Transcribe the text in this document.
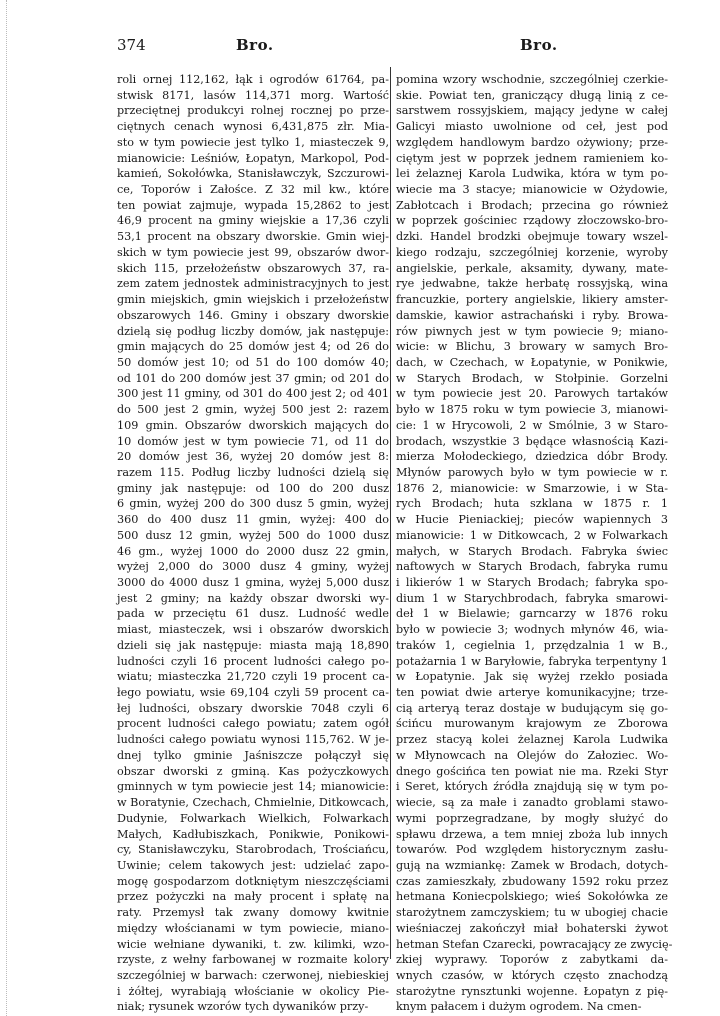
374	Bro.	Bro.
roli ornej 112,162, łąk i ogrodów 61764, pa-
stwisk 8171, lasów 114,371 morg. Wartość
przeciętnej produkcyi rolnej rocznej po prze-
ciętnych cenach wynosi 6,431,875 złr. Mia-
sto w tym powiecie jest tylko 1, miasteczek 9,
mianowicie: Leśniów, Łopatyn, Markopol, Pod-
kamień, Sokołówka, Stanisławczyk, Szczurowi-
ce, Toporów i Załośce. Z 32 mil kw., które
ten powiat zajmuje, wypada 15,2862 to jest
46,9 procent na gminy wiejskie a 17,36 czyli
53,1 procent na obszary dworskie. Gmin wiej-
skich w tym powiecie jest 99, obszarów dwor-
skich 115, przełożeństw obszarowych 37, ra-
zem zatem jednostek administracyjnych to jest
gmin miejskich, gmin wiejskich i przełożeństw
obszarowych 146. Gminy i obszary dworskie
dzielą się podług liczby domów, jak następuje:
gmin mających do 25 domów jest 4; od 26 do
50 domów jest 10; od 51 do 100 domów 40;
od 101 do 200 domów jest 37 gmin; od 201 do
300 jest 11 gminy, od 301 do 400 jest 2; od 401
do 500 jest 2 gmin, wyżej 500 jest 2: razem
109 gmin. Obszarów dworskich mających do
10 domów jest w tym powiecie 71, od 11 do
20 domów jest 36, wyżej 20 domów jest 8:
razem 115. Podług liczby ludności dzielą się
gminy jak następuje: od 100 do 200 dusz
6 gmin, wyżej 200 do 300 dusz 5 gmin, wyżej
360 do 400 dusz 11 gmin, wyżej: 400 do
500 dusz 12 gmin, wyżej 500 do 1000 dusz
46 gm., wyżej 1000 do 2000 dusz 22 gmin,
wyżej 2,000 do 3000 dusz 4 gminy, wyżej
3000 do 4000 dusz 1 gmina, wyżej 5,000 dusz
jest 2 gminy; na każdy obszar dworski wy-
pada w przeciętu 61 dusz. Ludność wedle
miast, miasteczek, wsi i obszarów dworskich
dzieli się jak następuje: miasta mają 18,890
ludności czyli 16 procent ludności całego po-
wiatu; miasteczka 21,720 czyli 19 procent ca-
łego powiatu, wsie 69,104 czyli 59 procent ca-
łej ludności, obszary dworskie 7048 czyli 6
procent ludności całego powiatu; zatem ogół
ludności całego powiatu wynosi 115,762. W je-
dnej tylko gminie Jaśniszcze połączył się
obszar dworski z gminą. Kas pożyczkowych
gminnych w tym powiecie jest 14; mianowicie:
w Boratynie, Czechach, Chmielnie, Ditkowcach,
Dudynie, Folwarkach Wielkich, Folwarkach
Małych, Kadłubiszkach, Ponikwie, Ponikowi-
cy, Stanisławczyku, Starobrodach, Trościańcu,
Uwinie; celem takowych jest: udzielać zapo-
mogę gospodarzom dotkniętym nieszczęściami
przez pożyczki na mały procent i spłatę na
raty. Przemysł tak zwany domowy kwitnie
między włościanami w tym powiecie, miano-
wicie wełniane dywaniki, t. zw. kilimki, wzo-
rzyste, z wełny farbowanej w rozmaite kolory
szczególniej w barwach: czerwonej, niebieskiej
i żółtej, wyrabiają włościanie w okolicy Pie-
niak; rysunek wzorów tych dywaników przy-
pomina wzory wschodnie, szczególniej czerkie-
skie. Powiat ten, graniczący długą linią z ce-
sarstwem rossyjskiem, mający jedyne w całej
Galicyi miasto uwolnione od ceł, jest pod
względem handlowym bardzo ożywiony; prze-
ciętym jest w poprzek jednem ramieniem ko-
lei żelaznej Karola Ludwika, która w tym po-
wiecie ma 3 stacye; mianowicie w Ożydowie,
Zabłotcach i Brodach; przecina go również
w poprzek gościniec rządowy złoczowsko-bro-
dzki. Handel brodzki obejmuje towary wszel-
kiego rodzaju, szczególniej korzenie, wyroby
angielskie, perkale, aksamity, dywany, mate-
rye jedwabne, także herbatę rossyjską, wina
francuzkie, portery angielskie, likiery amster-
damskie, kawior astrachański i ryby. Browa-
rów piwnych jest w tym powiecie 9; miano-
wicie: w Blichu, 3 browary w samych Bro-
dach, w Czechach, w Łopatynie, w Ponikwie,
w Starych Brodach, w Stołpinie. Gorzelni
w tym powiecie jest 20. Parowych tartaków
było w 1875 roku w tym powiecie 3, mianowi-
cie: 1 w Hrycowoli, 2 w Smólnie, 3 w Staro-
brodach, wszystkie 3 będące własnością Kazi-
mierza Mołodeckiego, dziedzica dóbr Brody.
Młynów parowych było w tym powiecie w r.
1876 2, mianowicie: w Smarzowie, i w Sta-
rych Brodach; huta szklana w 1875 r. 1
w Hucie Pieniackiej; pieców wapiennych 3
mianowicie: 1 w Ditkowcach, 2 w Folwarkach
małych, w Starych Brodach. Fabryka świec
naftowych w Starych Brodach, fabryka rumu
i likierów 1 w Starych Brodach; fabryka spo-
dium 1 w Starychbrodach, fabryka smarowi-
deł 1 w Bielawie; garncarzy w 1876 roku
było w powiecie 3; wodnych młynów 46, wia-
traków 1, cegielnia 1, przędzalnia 1 w B.,
potażarnia 1 w Baryłowie, fabryka terpentyny 1
w Łopatynie. Jak się wyżej rzekło posiada
ten powiat dwie arterye komunikacyjne; trze-
cią arteryą teraz dostaje w budującym się go-
ścińcu murowanym krajowym ze Zborowa
przez stacyą kolei żelaznej Karola Ludwika
w Młynowcach na Olejów do Załoziec. Wo-
dnego gościńca ten powiat nie ma. Rzeki Styr
i Seret, których źródła znajdują się w tym po-
wiecie, są za małe i zanadto groblami stawo-
wymi poprzegradzane, by mogły służyć do
spławu drzewa, a tem mniej zboża lub innych
towarów. Pod względem historycznym zasłu-
gują na wzmiankę: Zamek w Brodach, dotych-
czas zamieszkały, zbudowany 1592 roku przez
hetmana Koniecpolskiego; wieś Sokołówka ze
starożytnem zamczyskiem; tu w ubogiej chacie
wieśniaczej zakończył miał bohaterski żywot
hetman Stefan Czarecki, powracający ze zwycię-
zkiej wyprawy. Toporów z zabytkami da-
wnych czasów, w których często znachodzą
starożytne rynsztunki wojenne. Łopatyn z pię-
knym pałacem i dużym ogrodem. Na cmen-
